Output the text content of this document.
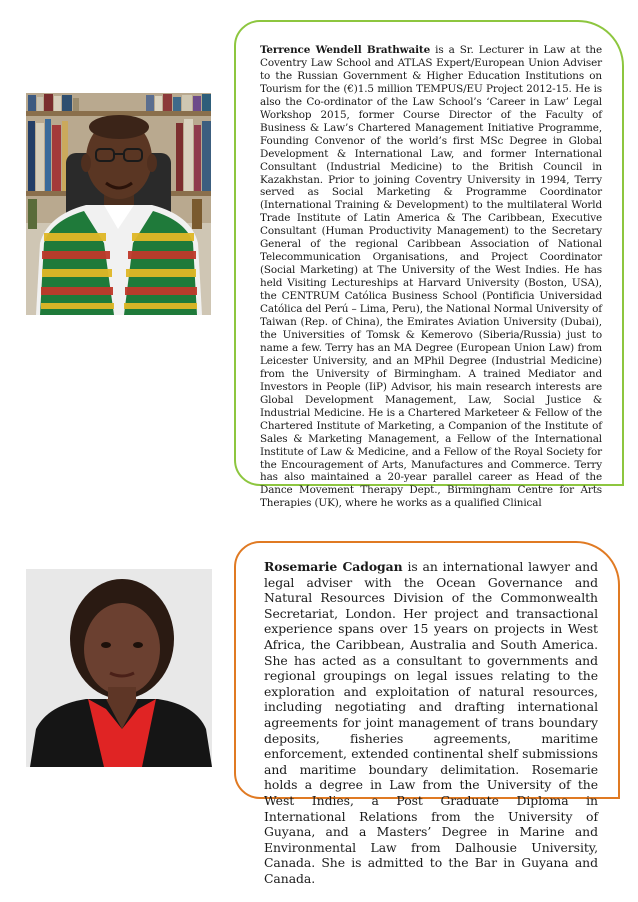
Terrence Wendell Brathwaite is a Sr. Lecturer in Law at the Coventry Law School and ATLAS Expert/European Union Adviser to the Russian Government & Higher Education Institutions on Tourism for the (€)1.5 million TEMPUS/EU Project 2012-15. He is also the Co-ordinator of the Law School’s ‘Career in Law’ Legal Workshop 2015, former Course Director of the Faculty of Business & Law’s Chartered Management Initiative Programme, Founding Convenor of the world’s first MSc Degree in Global Development & International Law, and former International Consultant (Industrial Medicine) to the British Council in Kazakhstan. Prior to joining Coventry University in 1994, Terry served as Social Marketing & Programme Coordinator (International Training & Development) to the multilateral World Trade Institute of Latin America & The Caribbean, Executive Consultant (Human Productivity Management) to the Secretary General of the regional Caribbean Association of National Telecommunication Organisations, and Project Coordinator (Social Marketing) at The University of the West Indies. He has held Visiting Lectureships at Harvard University (Boston, USA), the CENTRUM Católica Business School (Pontificia Universidad Católica del Perú – Lima, Peru), the National Normal University of Taiwan (Rep. of China), the Emirates Aviation University (Dubai), the Universities of Tomsk & Kemerovo (Siberia/Russia) just to name a few. Terry has an MA Degree (European Union Law) from Leicester University, and an MPhil Degree (Industrial Medicine) from the University of Birmingham. A trained Mediator and Investors in People (IiP) Advisor, his main research interests are Global Development Management, Law, Social Justice & Industrial Medicine. He is a Chartered Marketeer & Fellow of the Chartered Institute of Marketing, a Companion of the Institute of Sales & Marketing Management, a Fellow of the International Institute of Law & Medicine, and a Fellow of the Royal Society for the Encouragement of Arts, Manufactures and Commerce. Terry has also maintained a 20-year parallel career as Head of the Dance Movement Therapy Dept., Birmingham Centre for Arts Therapies (UK), where he works as a qualified Clinical

Rosemarie Cadogan is an international lawyer and legal adviser with the Ocean Governance and Natural Resources Division of the Commonwealth Secretariat, London. Her project and transactional experience spans over 15 years on projects in West Africa, the Caribbean, Australia and South America. She has acted as a consultant to governments and regional groupings on legal issues relating to the exploration and exploitation of natural resources, including negotiating and drafting international agreements for joint management of trans boundary deposits, fisheries agreements, maritime enforcement, extended continental shelf submissions and maritime boundary delimitation. Rosemarie holds a degree in Law from the University of the West Indies, a Post Graduate Diploma in International Relations from the University of Guyana, and a Masters’ Degree in Marine and Environmental Law from Dalhousie University, Canada. She is admitted to the Bar in Guyana and Canada.
